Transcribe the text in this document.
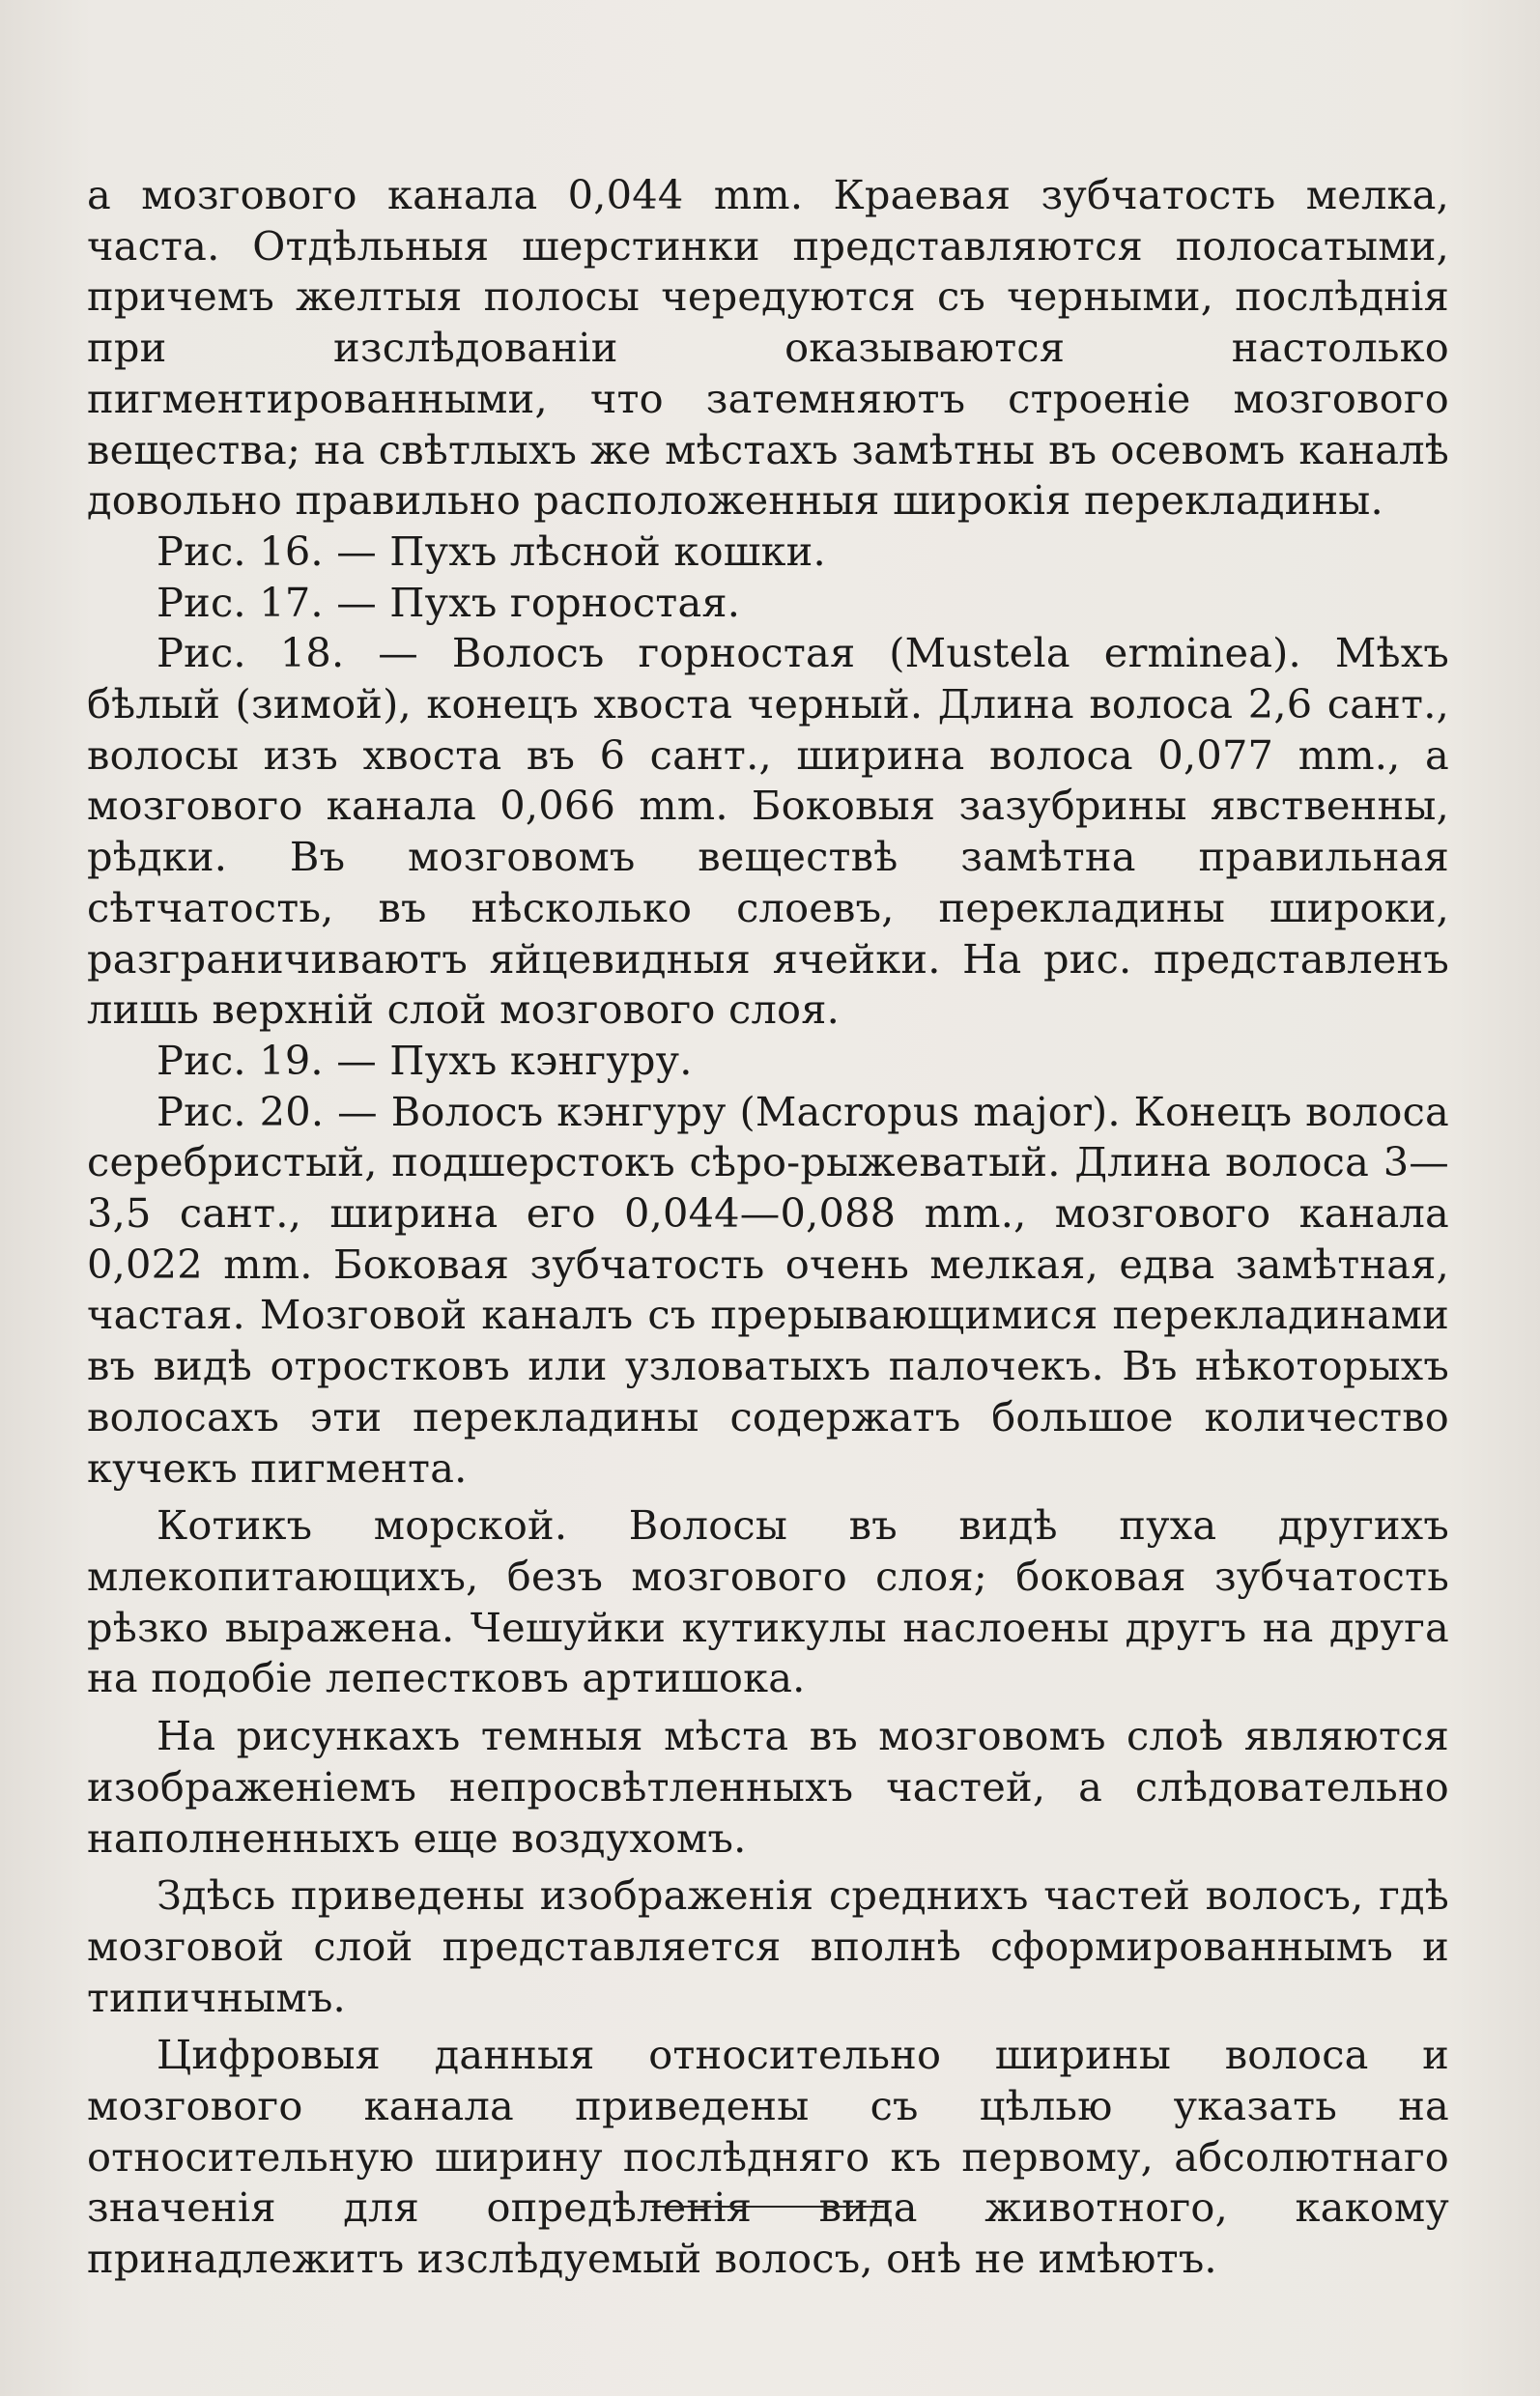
а мозгового канала 0,044 mm. Краевая зубчатость мелка, часта. Отдѣльныя шерстинки представляются полосатыми, причемъ желтыя полосы чередуются съ черными, послѣднія при изслѣдованіи оказываются настолько пигментированными, что затемняютъ строеніе мозгового вещества; на свѣтлыхъ же мѣстахъ замѣтны въ осевомъ каналѣ довольно правильно расположенныя широкія перекладины.

Рис. 16. — Пухъ лѣсной кошки.

Рис. 17. — Пухъ горностая.

Рис. 18. — Волосъ горностая (Mustela erminea). Мѣхъ бѣлый (зимой), конецъ хвоста черный. Длина волоса 2,6 сант., волосы изъ хвоста въ 6 сант., ширина волоса 0,077 mm., а мозгового канала 0,066 mm. Боковыя зазубрины явственны, рѣдки. Въ мозговомъ веществѣ замѣтна правильная сѣтчатость, въ нѣсколько слоевъ, перекладины широки, разграничиваютъ яйцевидныя ячейки. На рис. представленъ лишь верхній слой мозгового слоя.

Рис. 19. — Пухъ кэнгуру.

Рис. 20. — Волосъ кэнгуру (Macropus major). Конецъ волоса серебристый, подшерстокъ сѣро-рыжеватый. Длина волоса 3—3,5 сант., ширина его 0,044—0,088 mm., мозгового канала 0,022 mm. Боковая зубчатость очень мелкая, едва замѣтная, частая. Мозговой каналъ съ прерывающимися перекладинами въ видѣ отростковъ или узловатыхъ палочекъ. Въ нѣкоторыхъ волосахъ эти перекладины содержатъ большое количество кучекъ пигмента.

Котикъ морской. Волосы въ видѣ пуха другихъ млекопитающихъ, безъ мозгового слоя; боковая зубчатость рѣзко выражена. Чешуйки кутикулы наслоены другъ на друга на подобіе лепестковъ артишока.

На рисункахъ темныя мѣста въ мозговомъ слоѣ являются изображеніемъ непросвѣтленныхъ частей, а слѣдовательно наполненныхъ еще воздухомъ.

Здѣсь приведены изображенія среднихъ частей волосъ, гдѣ мозговой слой представляется вполнѣ сформированнымъ и типичнымъ.

Цифровыя данныя относительно ширины волоса и мозгового канала приведены съ цѣлью указать на относительную ширину послѣдняго къ первому, абсолютнаго значенія для опредѣленія вида животного, какому принадлежитъ изслѣдуемый волосъ, онѣ не имѣютъ.
